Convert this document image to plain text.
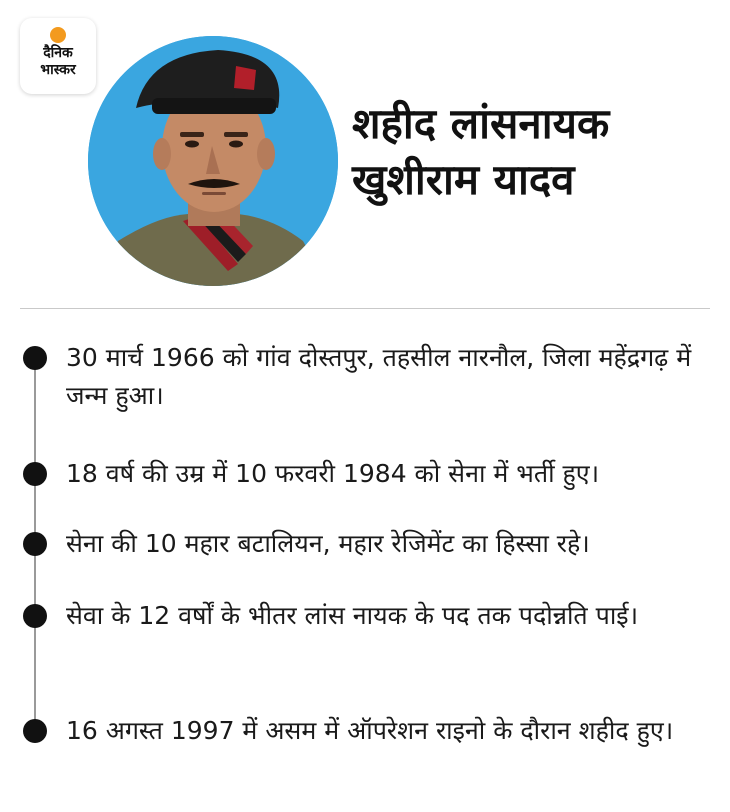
दैनिक
भास्कर
शहीद लांसनायक
खुशीराम यादव
30 मार्च 1966 को गांव दोस्तपुर, तहसील नारनौल, जिला महेंद्रगढ़ में जन्म हुआ।
18 वर्ष की उम्र में 10 फरवरी 1984 को सेना में भर्ती हुए।
सेना की 10 महार बटालियन, महार रेजिमेंट का हिस्सा रहे।
सेवा के 12 वर्षों के भीतर लांस नायक के पद तक पदोन्नति पाई।
16 अगस्त 1997 में असम में ऑपरेशन राइनो के दौरान शहीद हुए।
